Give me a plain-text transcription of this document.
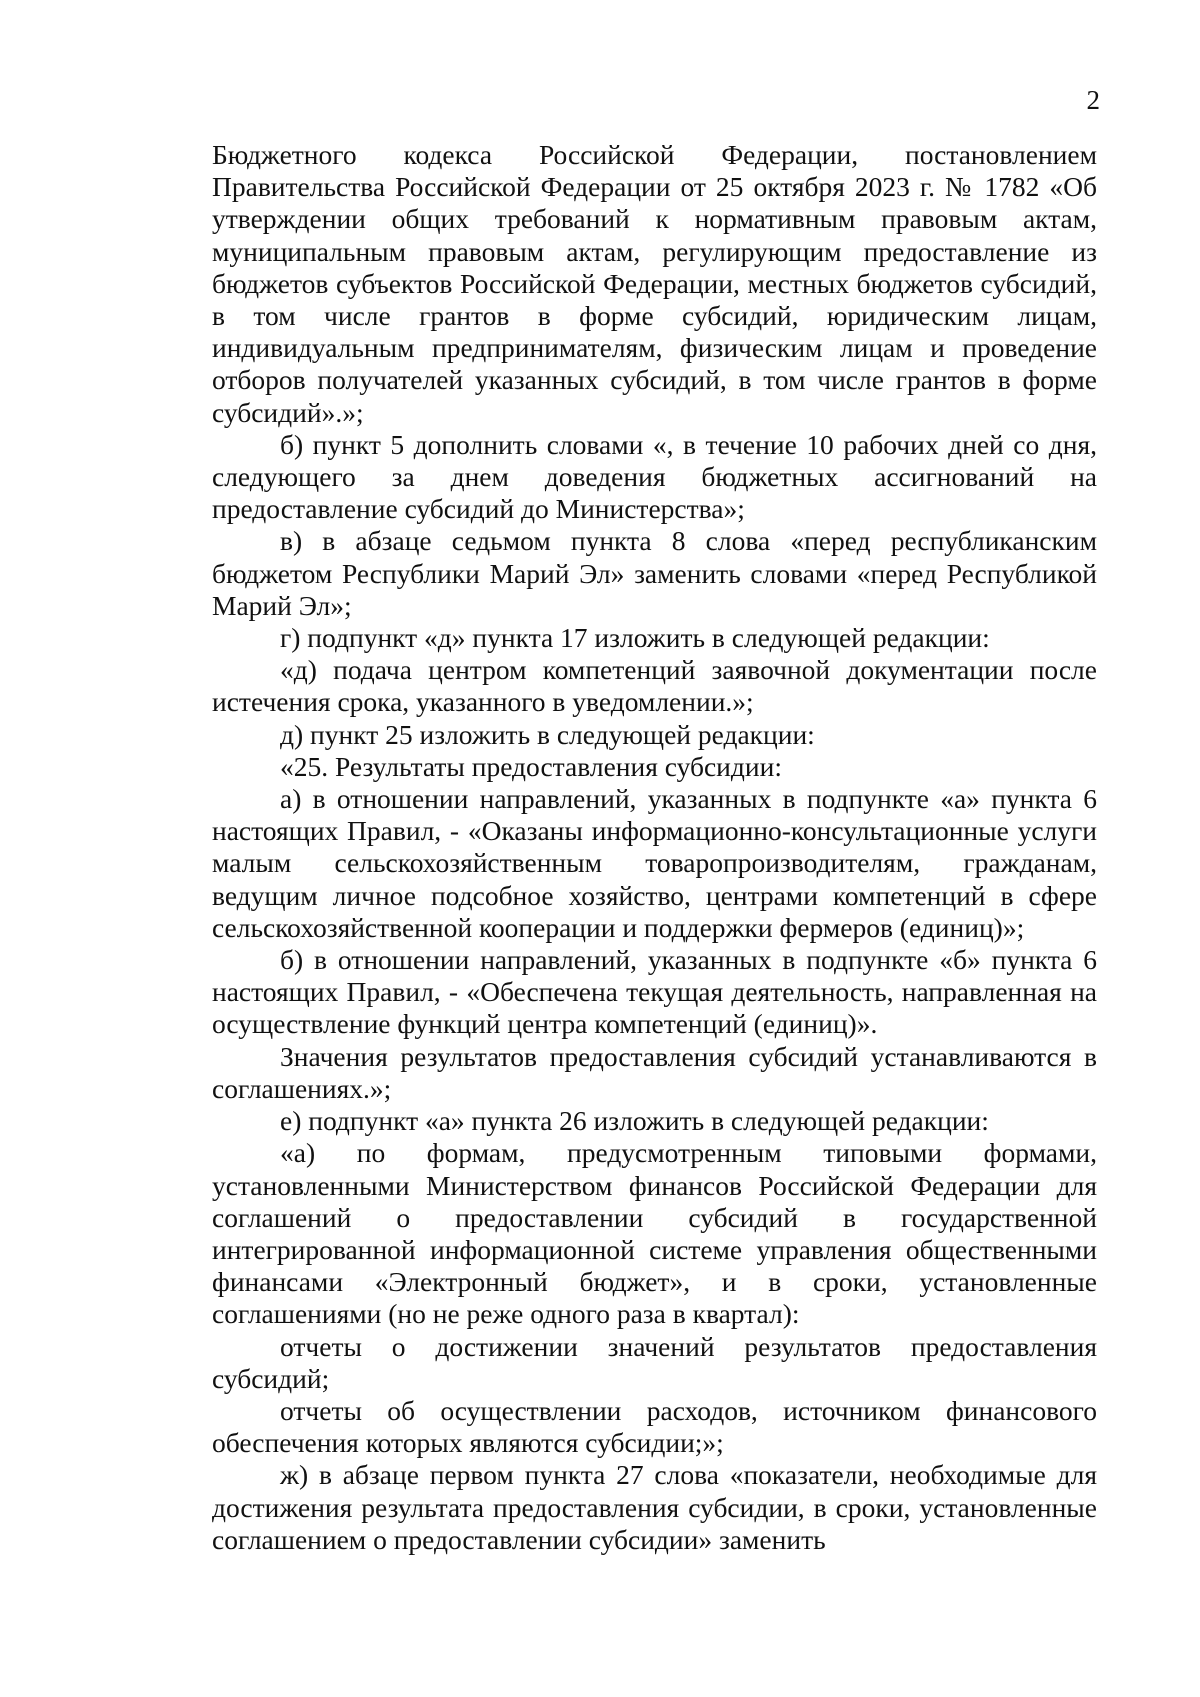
2

Бюджетного кодекса Российской Федерации, постановлением Правительства Российской Федерации от 25 октября 2023 г. № 1782 «Об утверждении общих требований к нормативным правовым актам, муниципальным правовым актам, регулирующим предоставление из бюджетов субъектов Российской Федерации, местных бюджетов субсидий, в том числе грантов в форме субсидий, юридическим лицам, индивидуальным предпринимателям, физическим лицам и проведение отборов получателей указанных субсидий, в том числе грантов в форме субсидий».»;

б) пункт 5 дополнить словами «, в течение 10 рабочих дней со дня, следующего за днем доведения бюджетных ассигнований на предоставление субсидий до Министерства»;

в) в абзаце седьмом пункта 8 слова «перед республиканским бюджетом Республики Марий Эл» заменить словами «перед Республикой Марий Эл»;

г) подпункт «д» пункта 17 изложить в следующей редакции:

«д) подача центром компетенций заявочной документации после истечения срока, указанного в уведомлении.»;

д) пункт 25 изложить в следующей редакции:

«25. Результаты предоставления субсидии:

а) в отношении направлений, указанных в подпункте «а» пункта 6 настоящих Правил, - «Оказаны информационно-консультационные услуги малым сельскохозяйственным товаропроизводителям, гражданам, ведущим личное подсобное хозяйство, центрами компетенций в сфере сельскохозяйственной кооперации и поддержки фермеров (единиц)»;

б) в отношении направлений, указанных в подпункте «б» пункта 6 настоящих Правил, - «Обеспечена текущая деятельность, направленная на осуществление функций центра компетенций (единиц)».

Значения результатов предоставления субсидий устанавливаются в соглашениях.»;

е) подпункт «а» пункта 26 изложить в следующей редакции:

«а) по формам, предусмотренным типовыми формами, установленными Министерством финансов Российской Федерации для соглашений о предоставлении субсидий в государственной интегрированной информационной системе управления общественными финансами «Электронный бюджет», и в сроки, установленные соглашениями (но не реже одного раза в квартал):

отчеты о достижении значений результатов предоставления субсидий;

отчеты об осуществлении расходов, источником финансового обеспечения которых являются субсидии;»;

ж) в абзаце первом пункта 27 слова «показатели, необходимые для достижения результата предоставления субсидии, в сроки, установленные соглашением о предоставлении субсидии» заменить
